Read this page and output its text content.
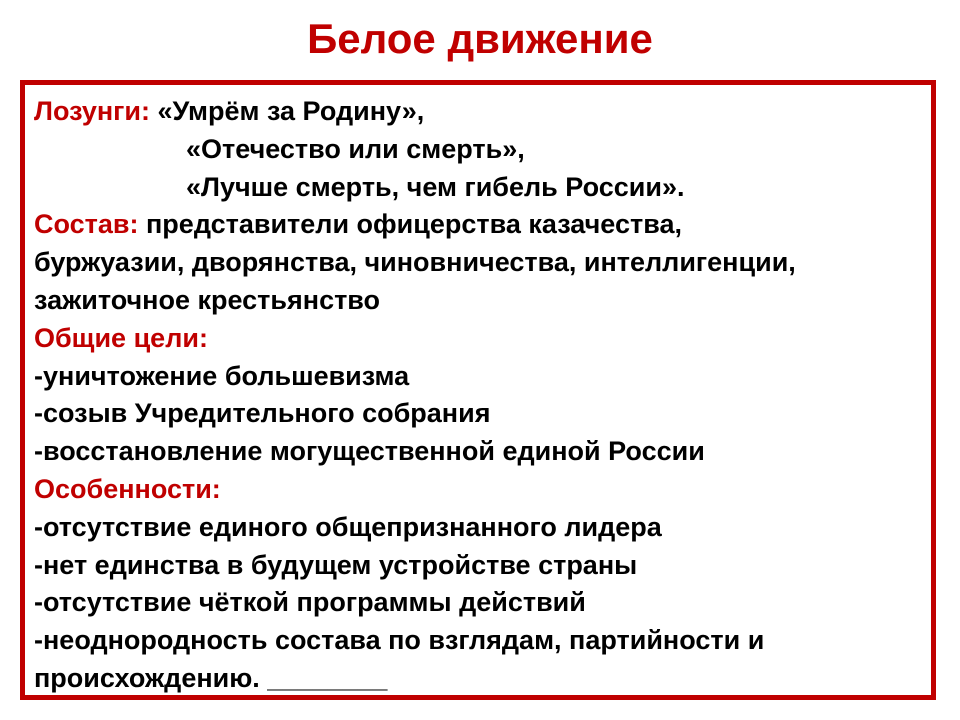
Белое движение
Лозунги: «Умрём за Родину»,
«Отечество или смерть»,
«Лучше смерть, чем гибель России».
Состав: представители офицерства казачества,
буржуазии, дворянства, чиновничества, интеллигенции,
зажиточное крестьянство
Общие цели:
-уничтожение большевизма
-созыв Учредительного собрания
-восстановление могущественной единой России
Особенности:
-отсутствие единого общепризнанного лидера
-нет единства в будущем устройстве страны
-отсутствие чёткой программы действий
-неоднородность состава по взглядам, партийности и
происхождению. ________
